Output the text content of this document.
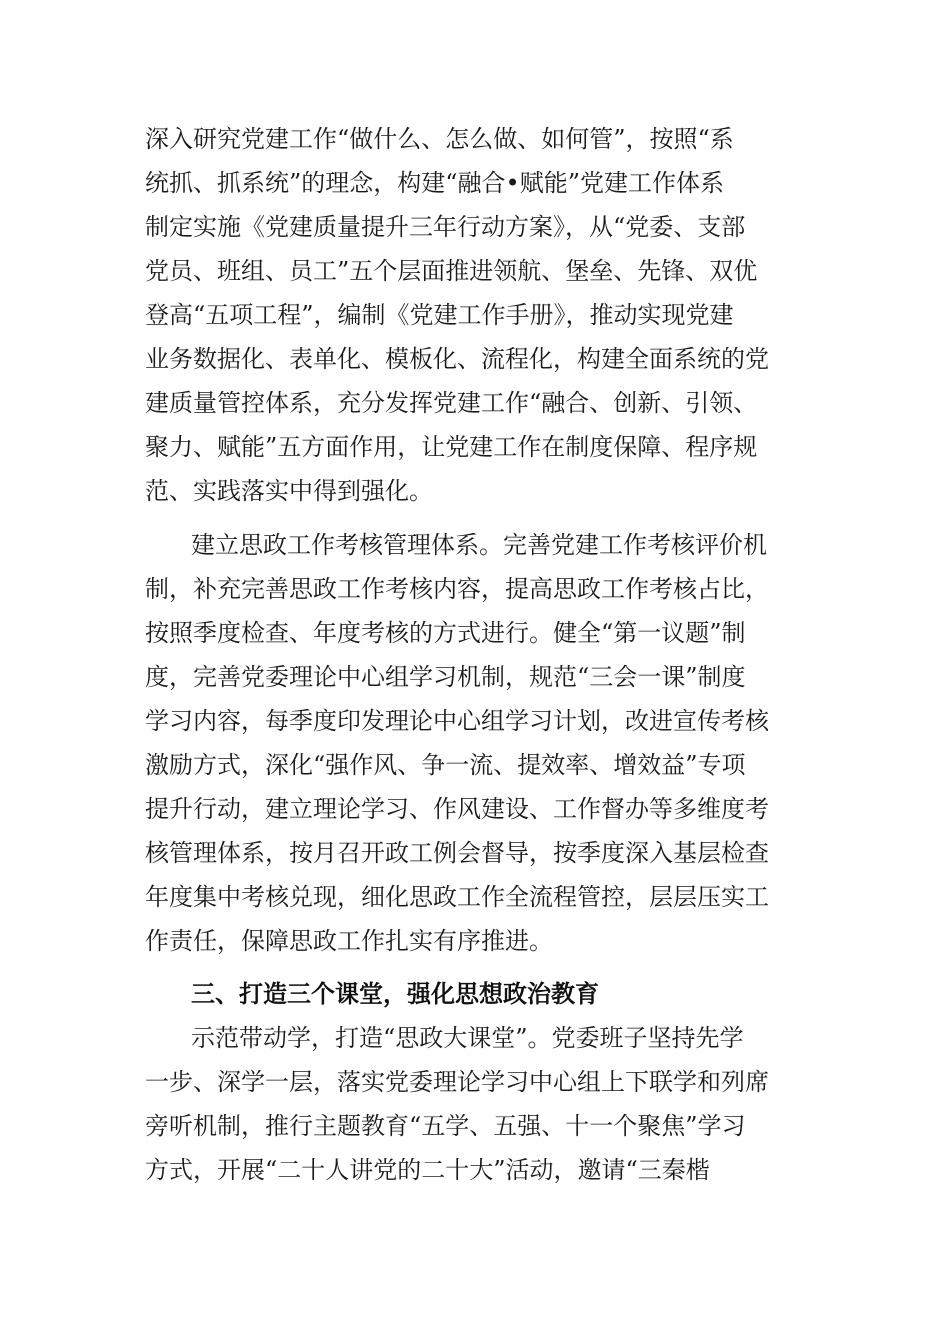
深入研究党建工作“做什么、怎么做、如何管”，按照“系
统抓、抓系统”的理念，构建“融合•赋能”党建工作体系
制定实施《党建质量提升三年行动方案》，从“党委、支部
党员、班组、员工”五个层面推进领航、堡垒、先锋、双优
登高“五项工程”，编制《党建工作手册》，推动实现党建
业务数据化、表单化、模板化、流程化，构建全面系统的党
建质量管控体系，充分发挥党建工作“融合、创新、引领、
聚力、赋能”五方面作用，让党建工作在制度保障、程序规
范、实践落实中得到强化。
建立思政工作考核管理体系。完善党建工作考核评价机
制，补充完善思政工作考核内容，提高思政工作考核占比，
按照季度检查、年度考核的方式进行。健全“第一议题”制
度，完善党委理论中心组学习机制，规范“三会一课”制度
学习内容，每季度印发理论中心组学习计划，改进宣传考核
激励方式，深化“强作风、争一流、提效率、增效益”专项
提升行动，建立理论学习、作风建设、工作督办等多维度考
核管理体系，按月召开政工例会督导，按季度深入基层检查
年度集中考核兑现，细化思政工作全流程管控，层层压实工
作责任，保障思政工作扎实有序推进。
三、打造三个课堂，强化思想政治教育
示范带动学，打造“思政大课堂”。党委班子坚持先学
一步、深学一层，落实党委理论学习中心组上下联学和列席
旁听机制，推行主题教育“五学、五强、十一个聚焦”学习
方式，开展“二十人讲党的二十大”活动，邀请“三秦楷
